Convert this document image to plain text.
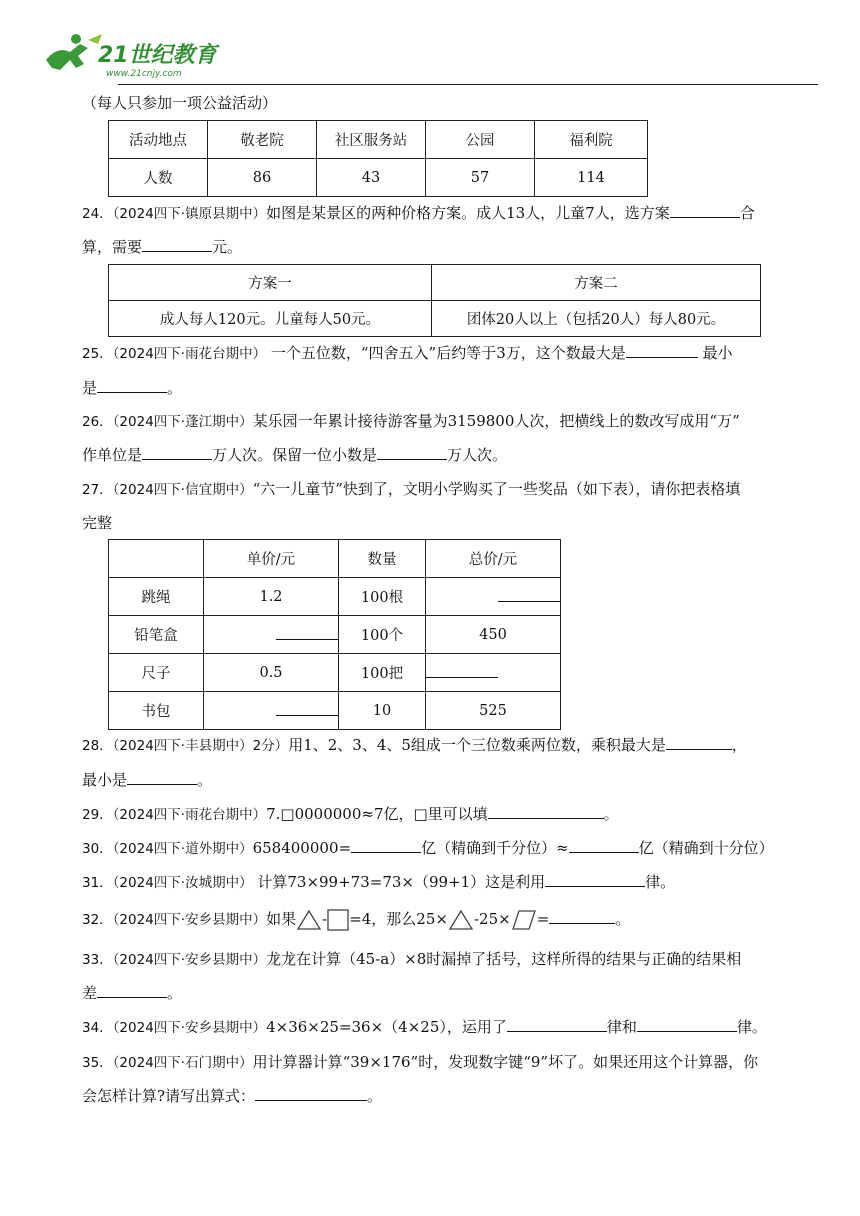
21世纪教育
www.21cnjy.com
（每人只参加一项公益活动）
活动地点	敬老院	社区服务站	公园	福利院
人数	86	43	57	114
24．（2024四下·镇原县期中）如图是某景区的两种价格方案。成人13人，儿童7人，选方案	合
算，需要	元。
方案一	方案二
成人每人120元。儿童每人50元。	团体20人以上（包括20人）每人80元。
25．（2024四下·雨花台期中） 一个五位数，“四舍五入”后约等于3万，这个数最大是	最小
是	。
26．（2024四下·蓬江期中）某乐园一年累计接待游客量为3159800人次，把横线上的数改写成用“万”
作单位是	万人次。保留一位小数是	万人次。
27．（2024四下·信宜期中）“六一儿童节”快到了，文明小学购买了一些奖品（如下表），请你把表格填
完整
	单价/元	数量	总价/元
跳绳	1.2	100根	
铅笔盒		100个	450
尺子	0.5	100把	
书包		10	525
28．（2024四下·丰县期中）2分）用1、2、3、4、5组成一个三位数乘两位数，乘积最大是	，
最小是	。
29．（2024四下·雨花台期中）7.□0000000≈7亿，□里可以填	。
30．（2024四下·道外期中）658400000=	亿（精确到千分位）≈	亿（精确到十分位）
31．（2024四下·汝城期中） 计算73×99+73=73×（99+1）这是利用	律。
32．（2024四下·安乡县期中）如果 - =4，那么25× -25× =	。
33．（2024四下·安乡县期中）龙龙在计算（45-a）×8时漏掉了括号，这样所得的结果与正确的结果相
差	。
34．（2024四下·安乡县期中）4×36×25=36×（4×25），运用了	律和	律。
35．（2024四下·石门期中）用计算器计算“39×176”时，发现数字键“9”坏了。如果还用这个计算器，你
会怎样计算?请写出算式：	。
